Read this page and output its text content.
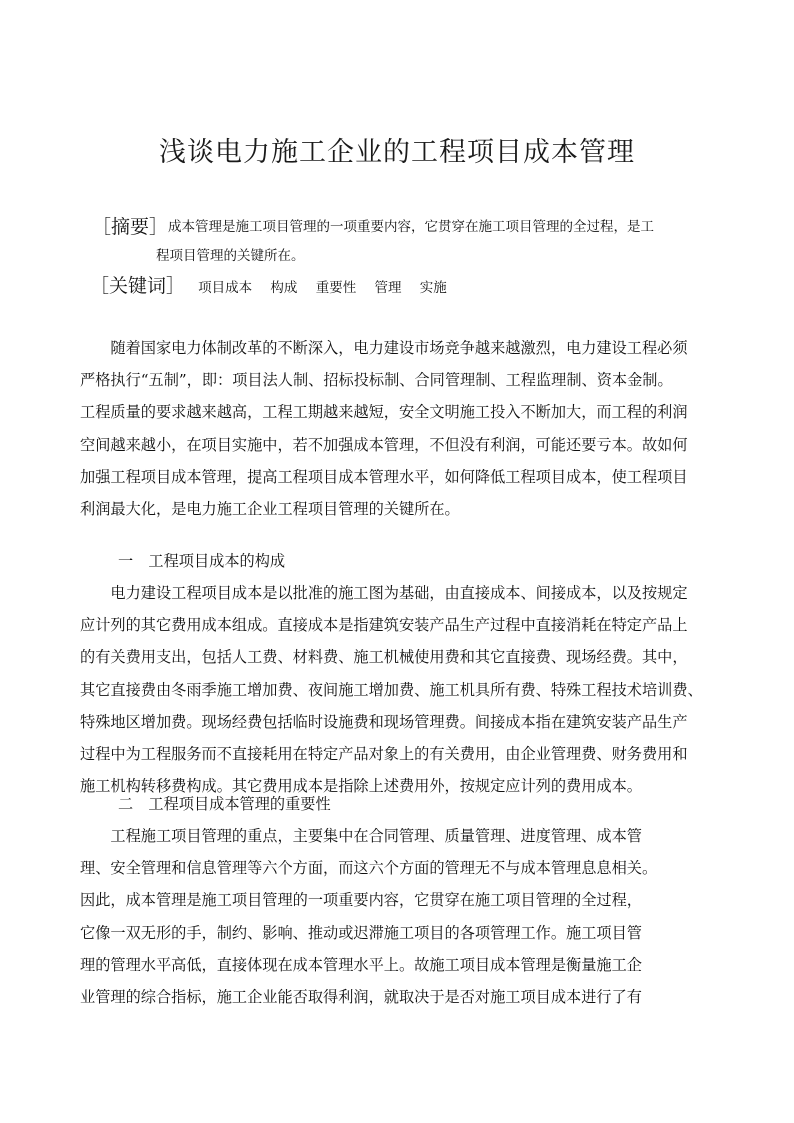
浅谈电力施工企业的工程项目成本管理
［摘要］ 成本管理是施工项目管理的一项重要内容，它贯穿在施工项目管理的全过程，是工
程项目管理的关键所在。
［关键词］ 项目成本 构成 重要性 管理 实施

　　随着国家电力体制改革的不断深入，电力建设市场竞争越来越激烈，电力建设工程必须
严格执行“五制”，即：项目法人制、招标投标制、合同管理制、工程监理制、资本金制。
工程质量的要求越来越高，工程工期越来越短，安全文明施工投入不断加大，而工程的利润
空间越来越小，在项目实施中，若不加强成本管理，不但没有利润，可能还要亏本。故如何
加强工程项目成本管理，提高工程项目成本管理水平，如何降低工程项目成本，使工程项目
利润最大化，是电力施工企业工程项目管理的关键所在。

一　工程项目成本的构成

　　电力建设工程项目成本是以批准的施工图为基础，由直接成本、间接成本，以及按规定
应计列的其它费用成本组成。直接成本是指建筑安装产品生产过程中直接消耗在特定产品上
的有关费用支出，包括人工费、材料费、施工机械使用费和其它直接费、现场经费。其中，
其它直接费由冬雨季施工增加费、夜间施工增加费、施工机具所有费、特殊工程技术培训费、
特殊地区增加费。现场经费包括临时设施费和现场管理费。间接成本指在建筑安装产品生产
过程中为工程服务而不直接耗用在特定产品对象上的有关费用，由企业管理费、财务费用和
施工机构转移费构成。其它费用成本是指除上述费用外，按规定应计列的费用成本。

二　工程项目成本管理的重要性

　　工程施工项目管理的重点，主要集中在合同管理、质量管理、进度管理、成本管
理、安全管理和信息管理等六个方面，而这六个方面的管理无不与成本管理息息相关。
因此，成本管理是施工项目管理的一项重要内容，它贯穿在施工项目管理的全过程，
它像一双无形的手，制约、影响、推动或迟滞施工项目的各项管理工作。施工项目管
理的管理水平高低，直接体现在成本管理水平上。故施工项目成本管理是衡量施工企
业管理的综合指标，施工企业能否取得利润，就取决于是否对施工项目成本进行了有
